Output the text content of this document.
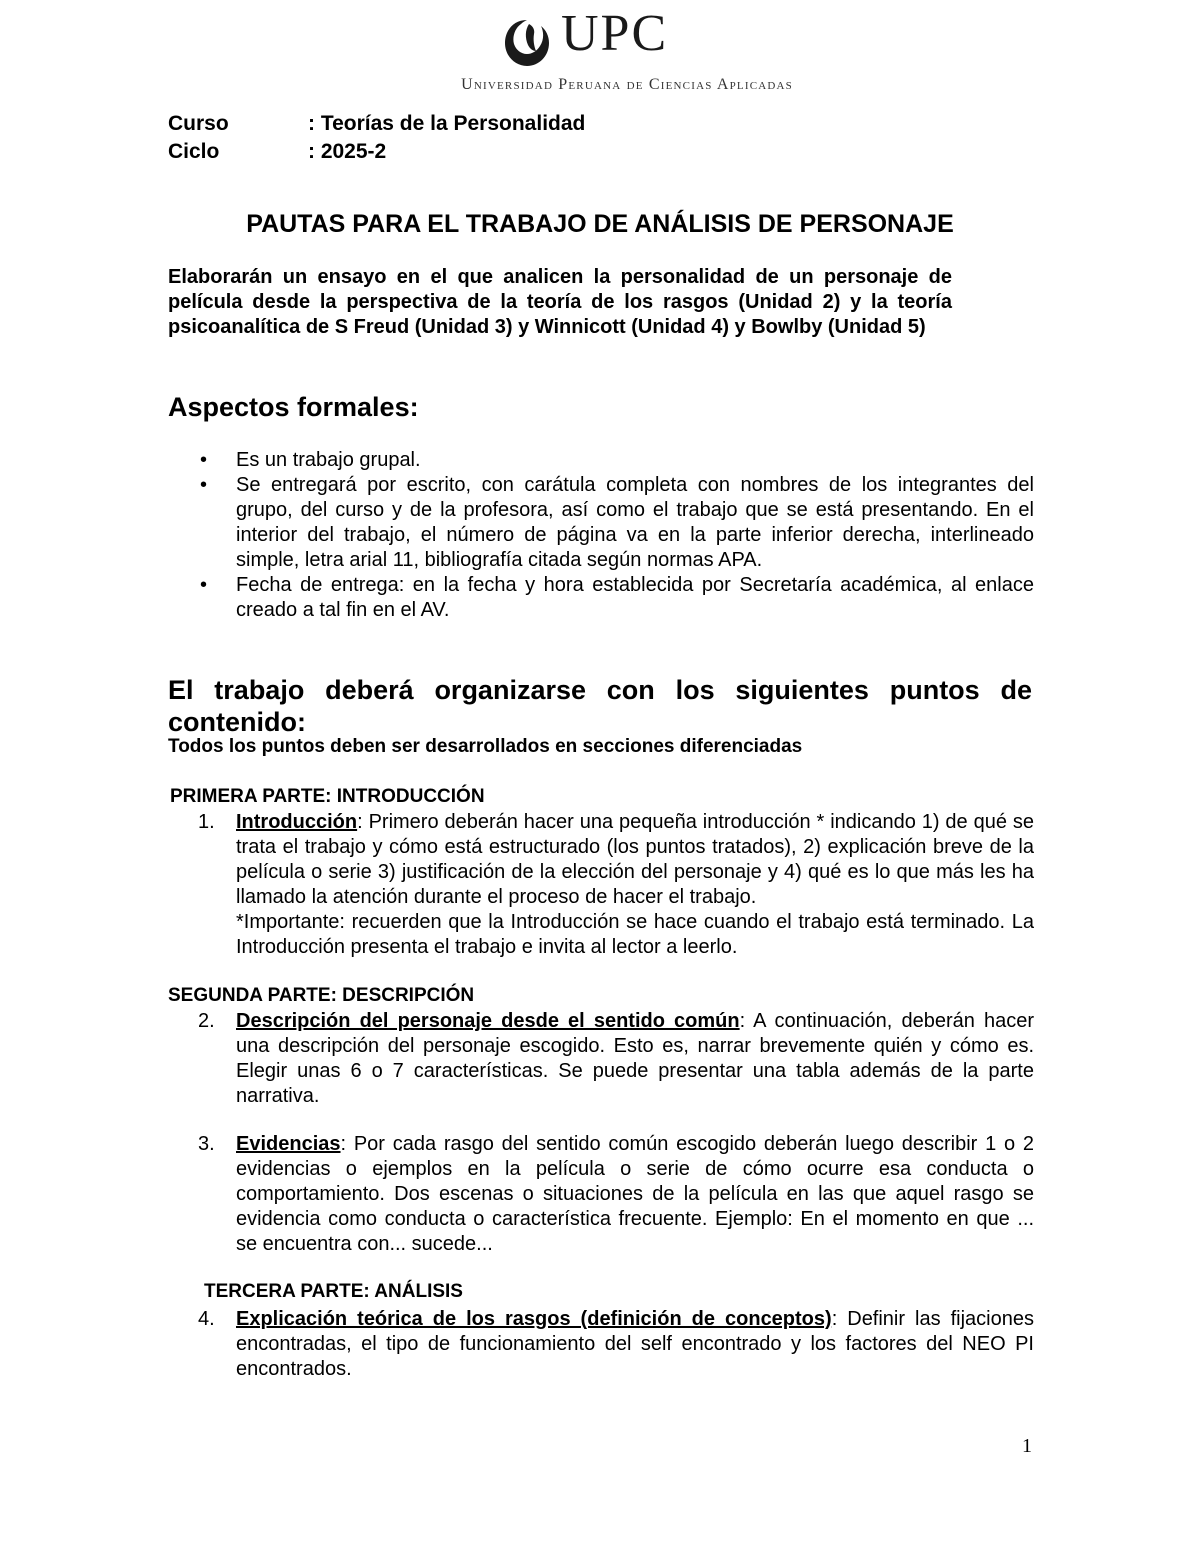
UPC
Universidad Peruana de Ciencias Aplicadas
Curso	: Teorías de la Personalidad
Ciclo	: 2025-2
PAUTAS PARA EL TRABAJO DE ANÁLISIS DE PERSONAJE
Elaborarán un ensayo en el que analicen la personalidad de un personaje de película desde la perspectiva de la teoría de los rasgos (Unidad 2) y la teoría psicoanalítica de S Freud (Unidad 3) y Winnicott (Unidad 4) y Bowlby (Unidad 5)
Aspectos formales:
• Es un trabajo grupal.
• Se entregará por escrito, con carátula completa con nombres de los integrantes del grupo, del curso y de la profesora, así como el trabajo que se está presentando. En el interior del trabajo, el número de página va en la parte inferior derecha, interlineado simple, letra arial 11, bibliografía citada según normas APA.
• Fecha de entrega: en la fecha y hora establecida por Secretaría académica, al enlace creado a tal fin en el AV.
El trabajo deberá organizarse con los siguientes puntos de contenido:
Todos los puntos deben ser desarrollados en secciones diferenciadas
PRIMERA PARTE: INTRODUCCIÓN
1. Introducción: Primero deberán hacer una pequeña introducción * indicando 1) de qué se trata el trabajo y cómo está estructurado (los puntos tratados), 2) explicación breve de la película o serie 3) justificación de la elección del personaje y 4) qué es lo que más les ha llamado la atención durante el proceso de hacer el trabajo.
*Importante: recuerden que la Introducción se hace cuando el trabajo está terminado. La Introducción presenta el trabajo e invita al lector a leerlo.
SEGUNDA PARTE: DESCRIPCIÓN
2. Descripción del personaje desde el sentido común: A continuación, deberán hacer una descripción del personaje escogido. Esto es, narrar brevemente quién y cómo es. Elegir unas 6 o 7 características. Se puede presentar una tabla además de la parte narrativa.
3. Evidencias: Por cada rasgo del sentido común escogido deberán luego describir 1 o 2 evidencias o ejemplos en la película o serie de cómo ocurre esa conducta o comportamiento. Dos escenas o situaciones de la película en las que aquel rasgo se evidencia como conducta o característica frecuente. Ejemplo: En el momento en que ... se encuentra con... sucede...
TERCERA PARTE: ANÁLISIS
4. Explicación teórica de los rasgos (definición de conceptos): Definir las fijaciones encontradas, el tipo de funcionamiento del self encontrado y los factores del NEO PI encontrados.
1
